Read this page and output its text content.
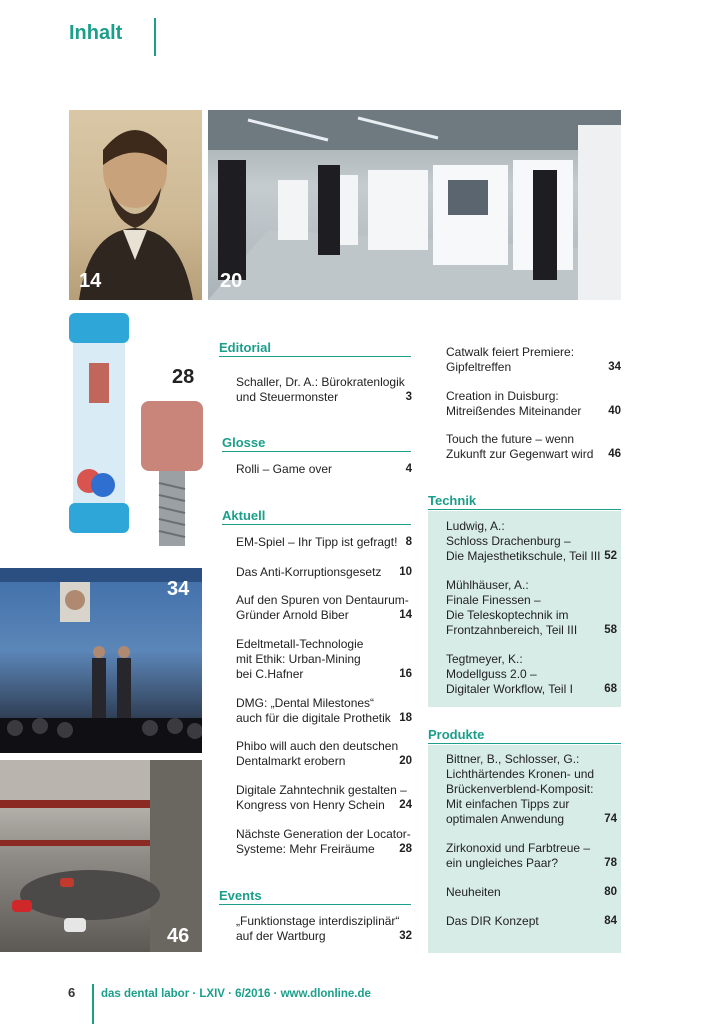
Inhalt
14	20
28
34
46
Editorial
Schaller, Dr. A.: Bürokratenlogik
und Steuermonster	3
Glosse
Rolli – Game over	4
Aktuell
EM-Spiel – Ihr Tipp ist gefragt! 8
Das Anti-Korruptionsgesetz	10
Auf den Spuren von Dentaurum-
Gründer Arnold Biber	14
Edeltmetall-Technologie
mit Ethik: Urban-Mining
bei C.Hafner	16
DMG: „Dental Milestones“
auch für die digitale Prothetik 18
Phibo will auch den deutschen
Dentalmarkt erobern	20
Digitale Zahntechnik gestalten –
Kongress von Henry Schein	24
Nächste Generation der Locator-
Systeme: Mehr Freiräume	28
Events
„Funktionstage interdisziplinär“
auf der Wartburg	32
Catwalk feiert Premiere:
Gipfeltreffen	34
Creation in Duisburg:
Mitreißendes Miteinander	40
Touch the future – wenn
Zukunft zur Gegenwart wird	46
Technik
Ludwig, A.:
Schloss Drachenburg –
Die Majesthetikschule, Teil III 52
Mühlhäuser, A.:
Finale Finessen –
Die Teleskoptechnik im
Frontzahnbereich, Teil III	58
Tegtmeyer, K.:
Modellguss 2.0 –
Digitaler Workflow, Teil I	68
Produkte
Bittner, B., Schlosser, G.:
Lichthärtendes Kronen- und
Brückenverblend-Komposit:
Mit einfachen Tipps zur
optimalen Anwendung	74
Zirkonoxid und Farbtreue –
ein ungleiches Paar?	78
Neuheiten	80
Das DIR Konzept	84
6 das dental labor · LXIV · 6/2016 · www.dlonline.de
